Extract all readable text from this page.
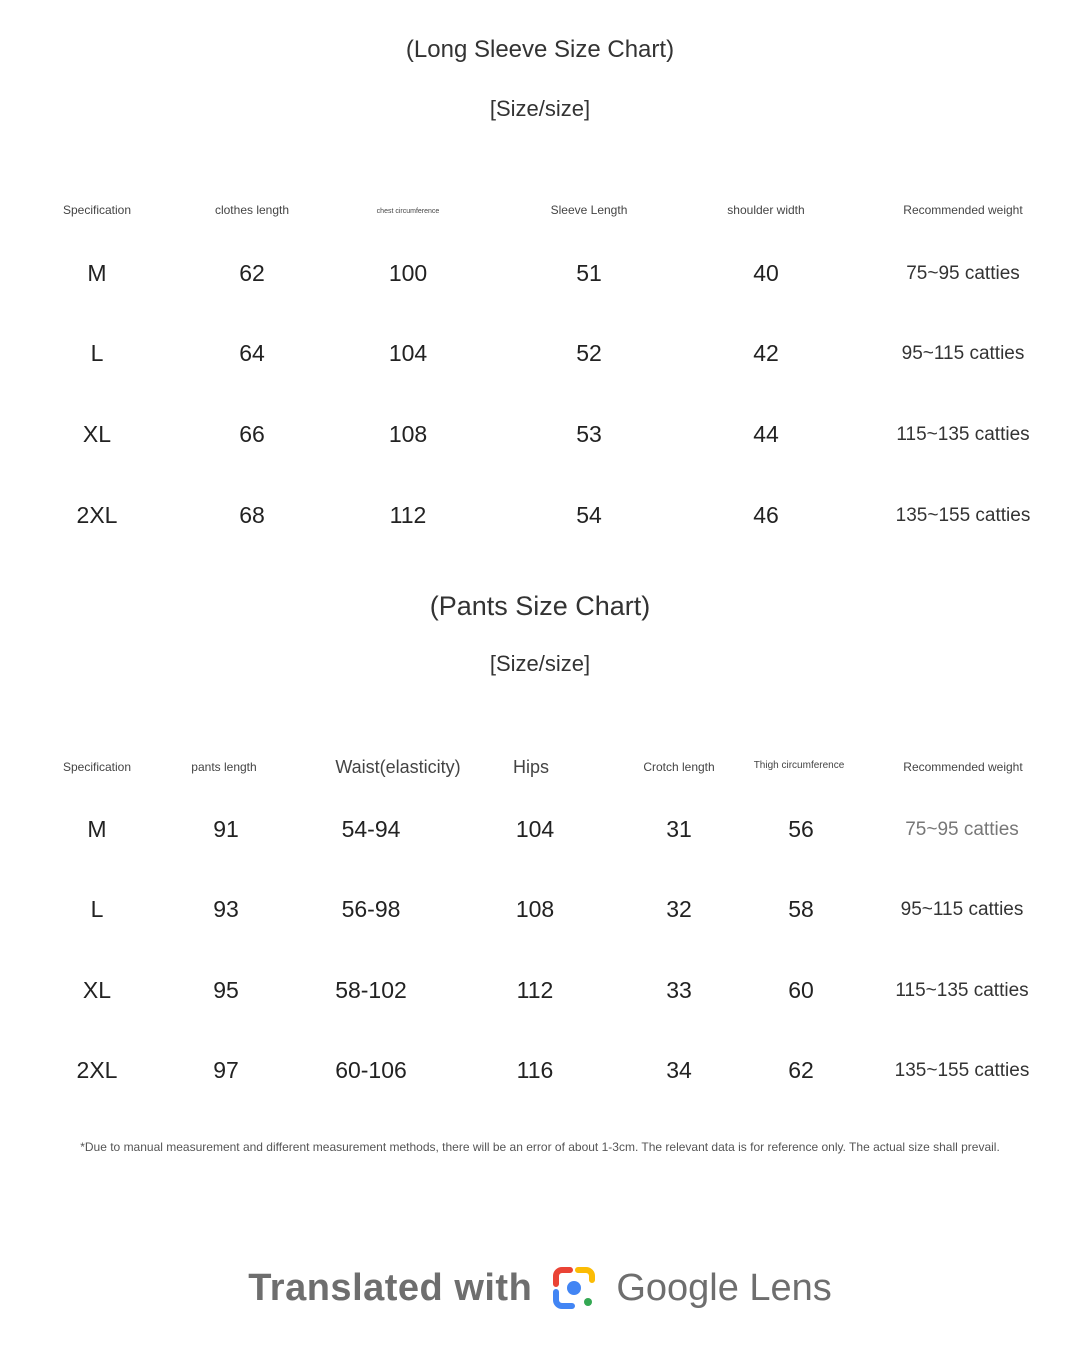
(Long Sleeve Size Chart)
[Size/size]
(Pants Size Chart)
[Size/size]
*Due to manual measurement and different measurement methods, there will be an error of about 1-3cm. The relevant data is for reference only. The actual size shall prevail.
Translated with Google Lens
Specification	clothes length	chest circumference	Sleeve Length	shoulder width	Recommended weight
M	62	100	51	40	75~95 catties
L	64	104	52	42	95~115 catties
XL	66	108	53	44	115~135 catties
2XL	68	112	54	46	135~155 catties
Specification	pants length	Waist(elasticity)	Hips	Crotch length	Thigh circumference	Recommended weight
M	91	54-94	104	31	56	75~95 catties
L	93	56-98	108	32	58	95~115 catties
XL	95	58-102	112	33	60	115~135 catties
2XL	97	60-106	116	34	62	135~155 catties
